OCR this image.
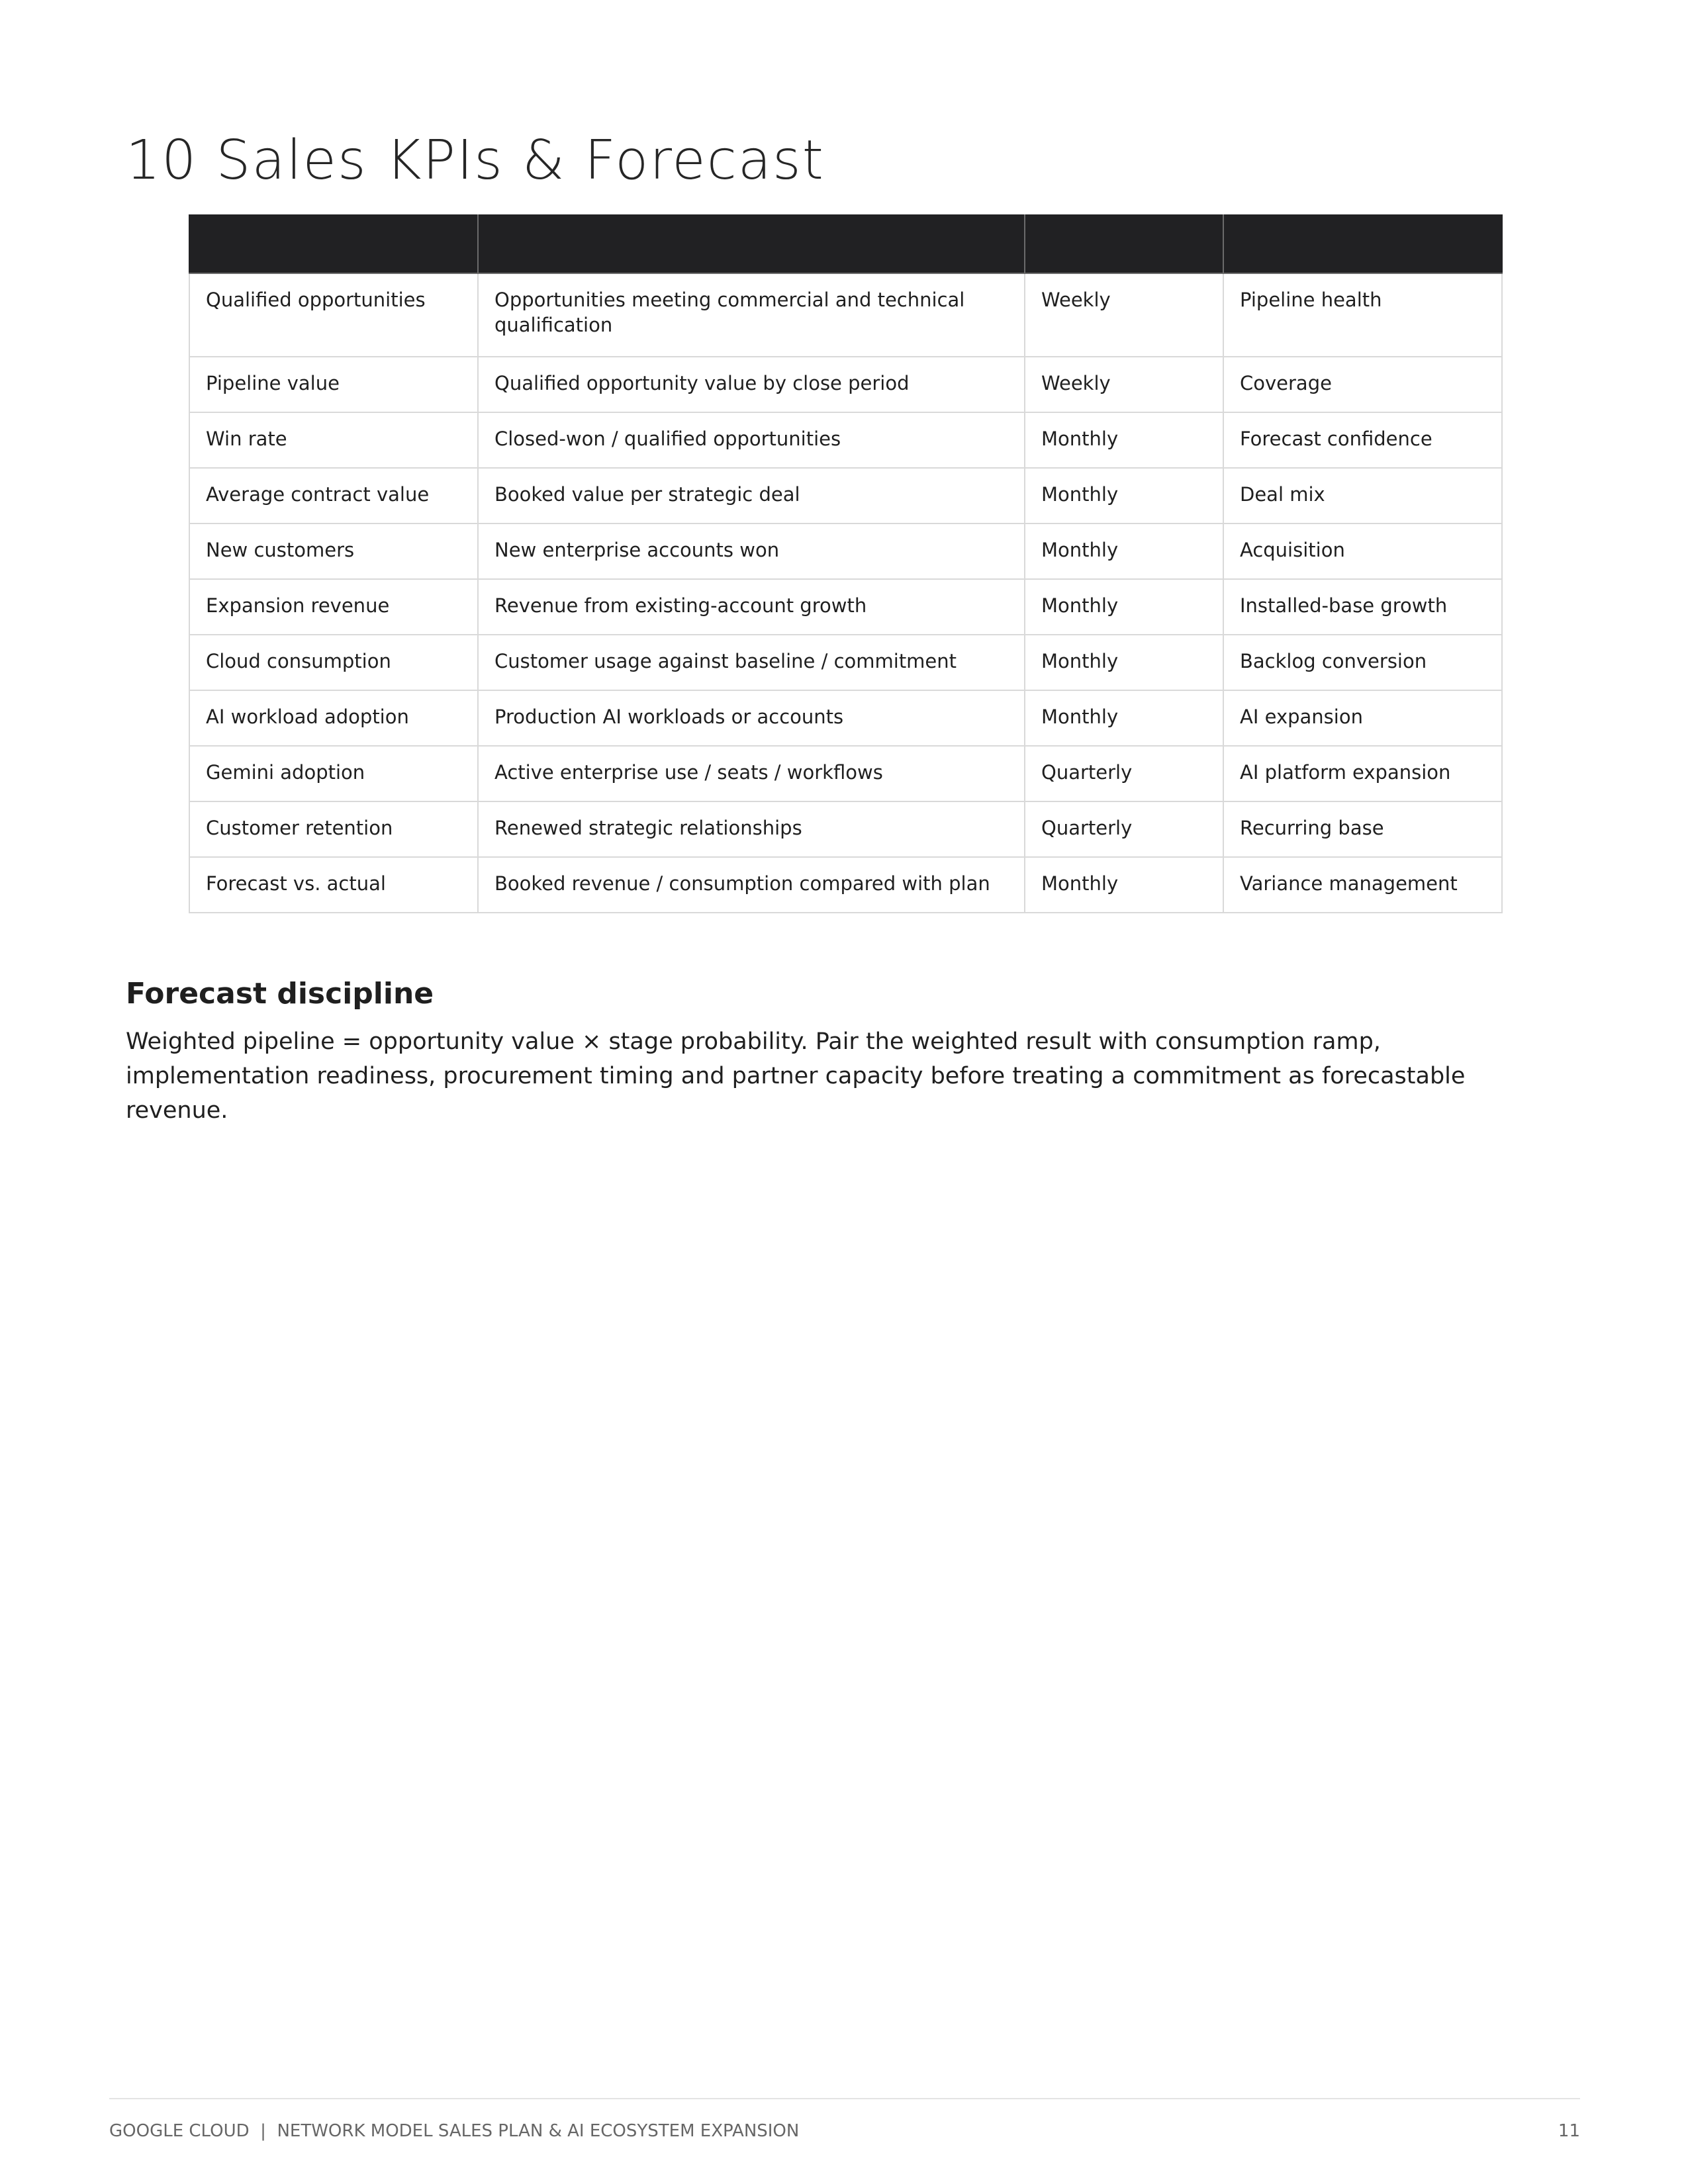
10 Sales KPIs & Forecast

Qualified opportunities	Opportunities meeting commercial and technical qualification	Weekly	Pipeline health
Pipeline value	Qualified opportunity value by close period	Weekly	Coverage
Win rate	Closed-won / qualified opportunities	Monthly	Forecast confidence
Average contract value	Booked value per strategic deal	Monthly	Deal mix
New customers	New enterprise accounts won	Monthly	Acquisition
Expansion revenue	Revenue from existing-account growth	Monthly	Installed-base growth
Cloud consumption	Customer usage against baseline / commitment	Monthly	Backlog conversion
AI workload adoption	Production AI workloads or accounts	Monthly	AI expansion
Gemini adoption	Active enterprise use / seats / workflows	Quarterly	AI platform expansion
Customer retention	Renewed strategic relationships	Quarterly	Recurring base
Forecast vs. actual	Booked revenue / consumption compared with plan	Monthly	Variance management
Forecast discipline

Weighted pipeline = opportunity value × stage probability. Pair the weighted result with consumption ramp, implementation readiness, procurement timing and partner capacity before treating a commitment as forecastable revenue.

GOOGLE CLOUD  |  NETWORK MODEL SALES PLAN & AI ECOSYSTEM EXPANSION	11
